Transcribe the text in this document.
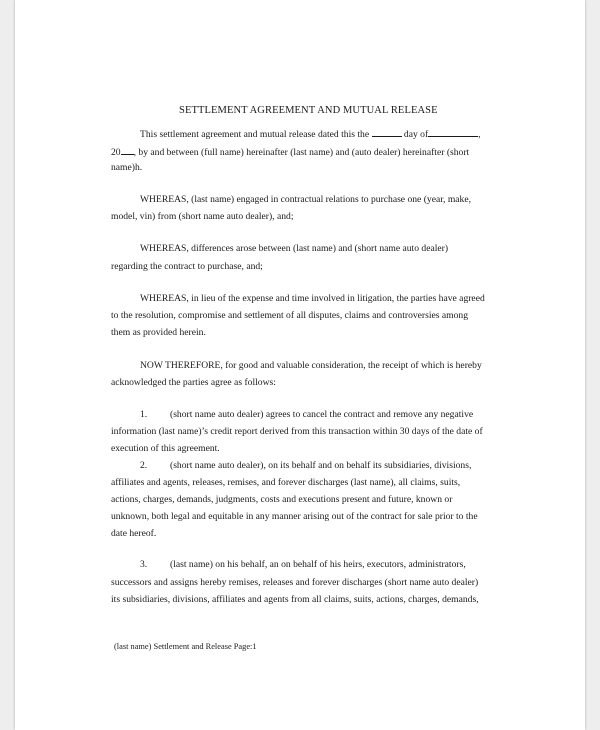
SETTLEMENT AGREEMENT AND MUTUAL RELEASE
This settlement agreement and mutual release dated this the	day of	,
20 , by and between (full name) hereinafter (last name) and (auto dealer) hereinafter (short
name)h.
WHEREAS, (last name) engaged in contractual relations to purchase one (year, make,
model, vin) from (short name auto dealer), and;
WHEREAS, differences arose between (last name) and (short name auto dealer)
regarding the contract to purchase, and;
WHEREAS, in lieu of the expense and time involved in litigation, the parties have agreed
to the resolution, compromise and settlement of all disputes, claims and controversies among
them as provided herein.
NOW THEREFORE, for good and valuable consideration, the receipt of which is hereby
acknowledged the parties agree as follows:
1. (short name auto dealer) agrees to cancel the contract and remove any negative
information (last name)’s credit report derived from this transaction within 30 days of the date of
execution of this agreement.
2. (short name auto dealer), on its behalf and on behalf its subsidiaries, divisions,
affiliates and agents, releases, remises, and forever discharges (last name), all claims, suits,
actions, charges, demands, judgments, costs and executions present and future, known or
unknown, both legal and equitable in any manner arising out of the contract for sale prior to the
date hereof.
3. (last name) on his behalf, an on behalf of his heirs, executors, administrators,
successors and assigns hereby remises, releases and forever discharges (short name auto dealer)
its subsidiaries, divisions, affiliates and agents from all claims, suits, actions, charges, demands,
(last name) Settlement and Release Page:1
